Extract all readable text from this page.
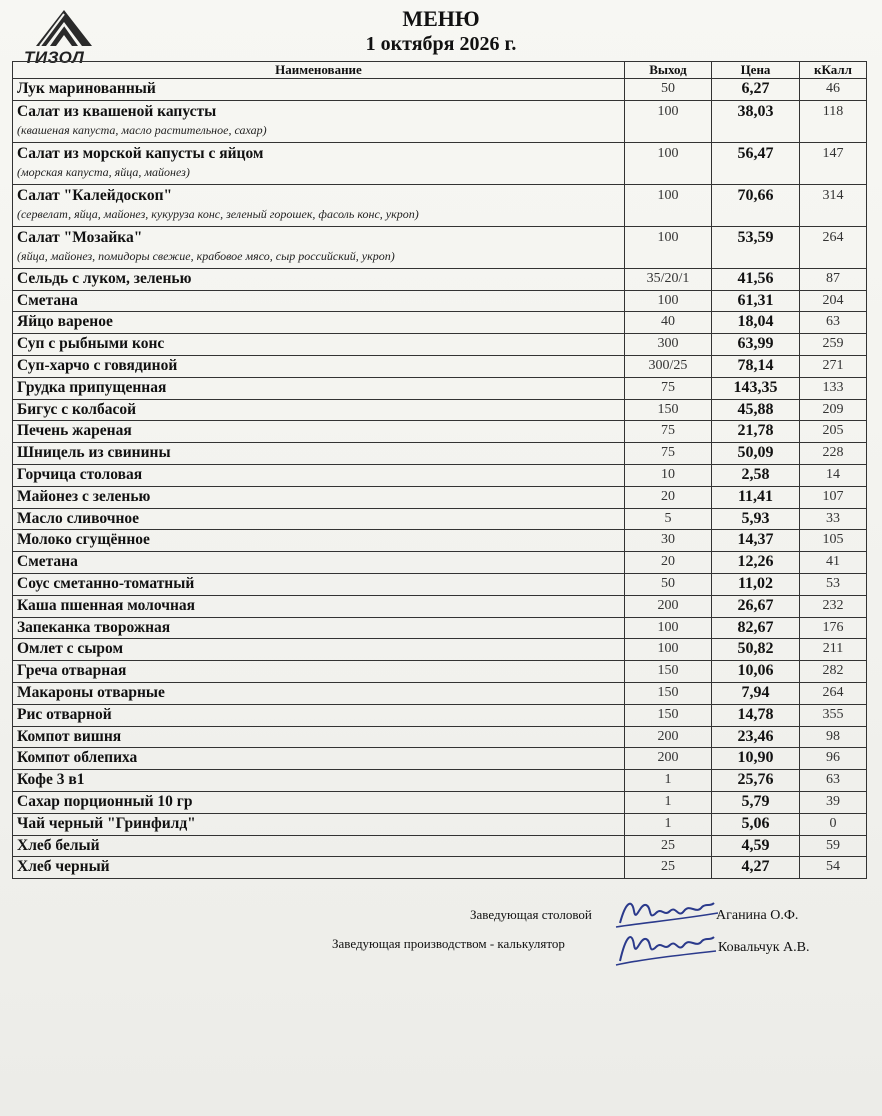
ТИЗОЛ
МЕНЮ
1 октября 2026 г.
Наименование	Выход	Цена	кКалл
Лук маринованный	50	6,27	46
Салат из квашеной капусты
(квашеная капуста, масло растительное, сахар)	100	38,03	118
Салат из морской капусты с яйцом
(морская капуста, яйца, майонез)	100	56,47	147
Салат "Калейдоскоп"
(сервелат, яйца, майонез, кукуруза конс, зеленый горошек, фасоль конс, укроп)	100	70,66	314
Салат "Мозайка"
(яйца, майонез, помидоры свежие, крабовое мясо, сыр российский, укроп)	100	53,59	264
Сельдь с луком, зеленью	35/20/1	41,56	87
Сметана	100	61,31	204
Яйцо вареное	40	18,04	63
Суп с рыбными конс	300	63,99	259
Суп-харчо с говядиной	300/25	78,14	271
Грудка припущенная	75	143,35	133
Бигус с колбасой	150	45,88	209
Печень жареная	75	21,78	205
Шницель из свинины	75	50,09	228
Горчица столовая	10	2,58	14
Майонез с зеленью	20	11,41	107
Масло сливочное	5	5,93	33
Молоко сгущённое	30	14,37	105
Сметана	20	12,26	41
Соус сметанно-томатный	50	11,02	53
Каша пшенная молочная	200	26,67	232
Запеканка творожная	100	82,67	176
Омлет с сыром	100	50,82	211
Греча отварная	150	10,06	282
Макароны отварные	150	7,94	264
Рис отварной	150	14,78	355
Компот вишня	200	23,46	98
Компот облепиха	200	10,90	96
Кофе 3 в1	1	25,76	63
Сахар порционный 10 гр	1	5,79	39
Чай черный "Гринфилд"	1	5,06	0
Хлеб белый	25	4,59	59
Хлеб черный	25	4,27	54
Заведующая столовой	Аганина О.Ф.
Заведующая производством - калькулятор	Ковальчук А.В.
